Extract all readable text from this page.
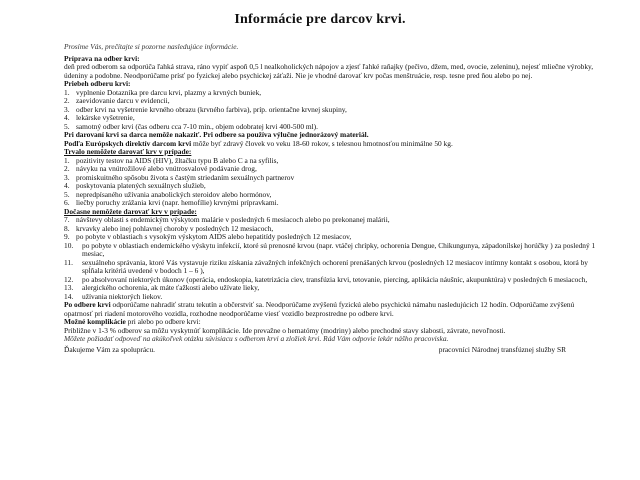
Informácie pre darcov krvi.

Prosíme Vás, prečítajte si pozorne nasledujúce informácie.

Príprava na odber krvi:

deň pred odberom sa odporúča ľahká strava, ráno vypiť aspoň 0,5 l nealkoholických nápojov a zjesť ľahké raňajky (pečivo, džem, med, ovocie, zeleninu), nejesť mliečne výrobky, údeniny a podobne. Neodporúčame prísť po fyzickej alebo psychickej záťaži. Nie je vhodné darovať krv počas menštruácie, resp. tesne pred ňou alebo po nej.

Priebeh odberu krvi:
1. vyplnenie Dotazníka pre darcu krvi, plazmy a krvných buniek,
2. zaevidovanie darcu v evidencii,
3. odber krvi na vyšetrenie krvného obrazu (krvného farbiva), príp. orientačne krvnej skupiny,
4. lekárske vyšetrenie,
5. samotný odber krvi (čas odberu cca 7-10 min., objem odobratej krvi 400-500 ml).
Pri darovaní krvi sa darca nemôže nakaziť. Pri odbere sa používa výlučne jednorázový materiál.

Podľa Európskych direktív darcom krvi môže byť zdravý človek vo veku 18-60 rokov, s telesnou hmotnosťou minimálne 50 kg.

Trvalo nemôžete darovať krv v prípade:
1. pozitivity testov na AIDS (HIV), žltačku typu B alebo C a na syfilis,
2. návyku na vnútrožilové alebo vnútrosvalové podávanie drog,
3. promiskuitného spôsobu života s častým striedaním sexuálnych partnerov
4. poskytovania platených sexuálnych služieb,
5. nepredpísaného užívania anabolických steroidov alebo hormónov,
6. liečby poruchy zrážania krvi (napr. hemofílie) krvnými prípravkami.
Dočasne nemôžete darovať krv v prípade:
7. návštevy oblasti s endemickým výskytom malárie v posledných 6 mesiacoch alebo po prekonanej malárii,
8. krvavky alebo inej pohlavnej choroby v posledných 12 mesiacoch,
9. po pobyte v oblastiach s vysokým výskytom AIDS alebo hepatitídy posledných 12 mesiacov,
10.	po pobyte v oblastiach endemického výskytu infekcií, ktoré sú prenosné krvou (napr. vtáčej chrípky, ochorenia Dengue, Chikungunya, západonílskej horúčky ) za posledný 1 mesiac,
11.	sexuálneho správania, ktoré Vás vystavuje riziku získania závažných infekčných ochorení prenášaných krvou (posledných 12 mesiacov intímny kontakt s osobou, ktorá by spĺňala kritériá uvedené v bodoch 1 – 6 ),
12.	po absolvovaní niektorých úkonov (operácia, endoskopia, katetrizácia ciev, transfúzia krvi, tetovanie, piercing, aplikácia náušníc, akupunktúra) v posledných 6 mesiacoch,
13.	alergického ochorenia, ak máte ťažkosti alebo užívate lieky,
14.	užívania niektorých liekov.

Po odbere krvi odporúčame nahradiť stratu tekutín a občerstviť sa. Neodporúčame zvýšenú fyzickú alebo psychickú námahu nasledujúcich 12 hodín. Odporúčame zvýšenú opatrnosť pri riadení motorového vozidla, rozhodne neodporúčame viesť vozidlo bezprostredne po odbere krvi.

Možné komplikácie pri alebo po odbere krvi:

Približne v 1-3 % odberov sa môžu vyskytnúť komplikácie. Ide prevažne o hematómy (modriny) alebo prechodné stavy slabosti, závrate, nevoľnosti.

Môžete požiadať odpoveď na akúkoľvek otázku súvisiacu s odberom krvi a zložiek krvi. Rád Vám odpovie lekár nášho pracoviska.

Ďakujeme Vám za spoluprácu.	pracovníci Národnej transfúznej služby SR
